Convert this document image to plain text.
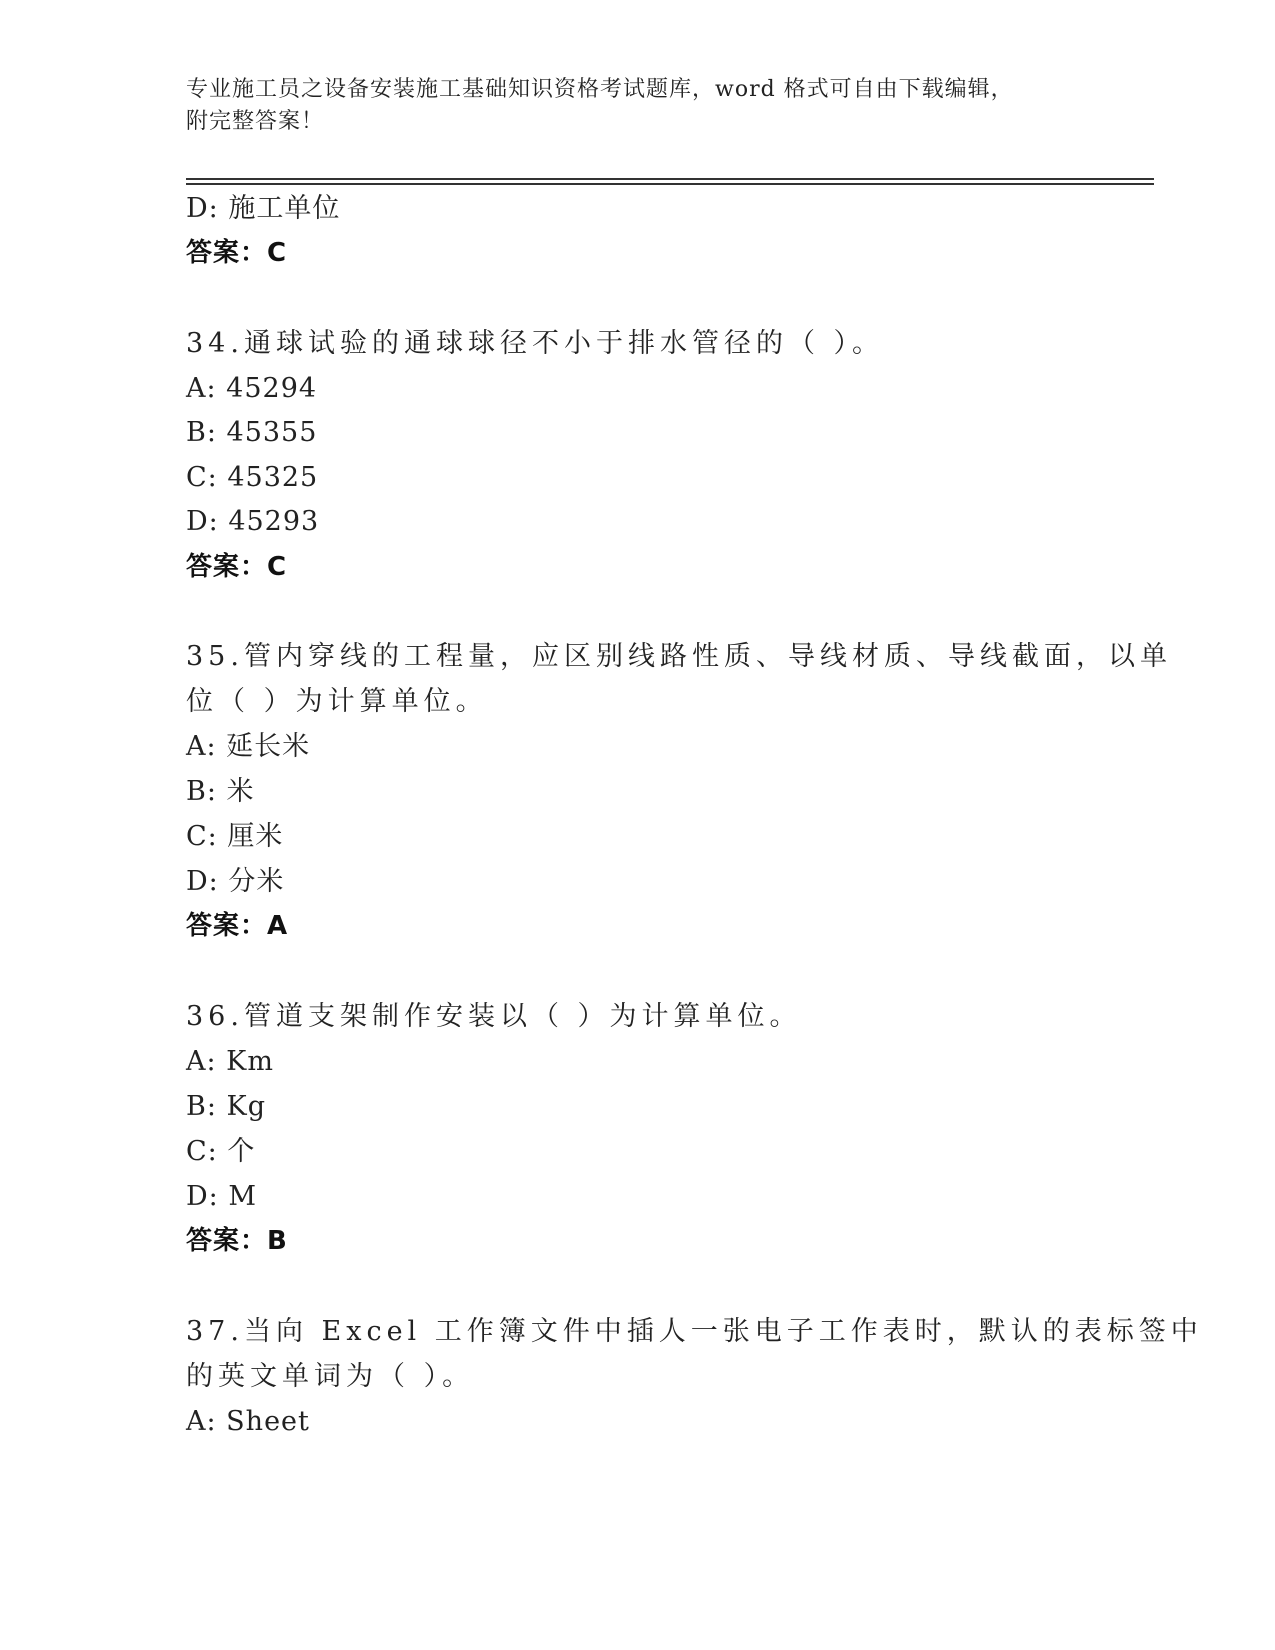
专业施工员之设备安装施工基础知识资格考试题库，word 格式可自由下载编辑，
附完整答案！
D: 施工单位
答案：C
34.通球试验的通球球径不小于排水管径的（ ）。
A: 45294
B: 45355
C: 45325
D: 45293
答案：C
35.管内穿线的工程量，应区别线路性质、导线材质、导线截面，以单
位（ ）为计算单位。
A: 延长米
B: 米
C: 厘米
D: 分米
答案：A
36.管道支架制作安装以（ ）为计算单位。
A: Km
B: Kg
C: 个
D: M
答案：B
37.当向 Excel 工作簿文件中插人一张电子工作表时，默认的表标签中
的英文单词为（ ）。
A: Sheet
